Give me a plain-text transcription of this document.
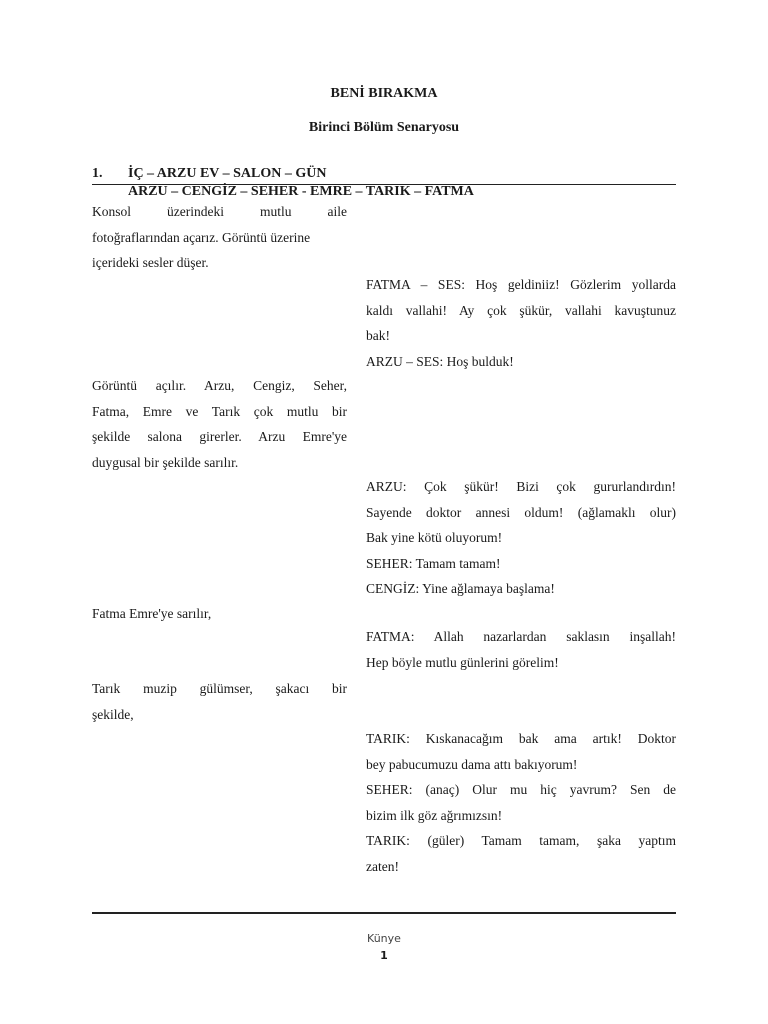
BENİ BIRAKMA
Birinci Bölüm Senaryosu
1. İÇ – ARZU EV – SALON – GÜN
ARZU – CENGİZ – SEHER - EMRE – TARIK – FATMA
Konsol üzerindeki mutlu aile
fotoğraflarından açarız. Görüntü üzerine
içerideki sesler düşer.
FATMA – SES: Hoş geldiniiz! Gözlerim yollarda
kaldı vallahi! Ay çok şükür, vallahi kavuştunuz
bak!
ARZU – SES: Hoş bulduk!
Görüntü açılır. Arzu, Cengiz, Seher,
Fatma, Emre ve Tarık çok mutlu bir
şekilde salona girerler. Arzu Emre'ye
duygusal bir şekilde sarılır.
ARZU: Çok şükür! Bizi çok gururlandırdın!
Sayende doktor annesi oldum! (ağlamaklı olur)
Bak yine kötü oluyorum!
SEHER: Tamam tamam!
CENGİZ: Yine ağlamaya başlama!
Fatma Emre'ye sarılır,
FATMA: Allah nazarlardan saklasın inşallah!
Hep böyle mutlu günlerini görelim!
Tarık muzip gülümser, şakacı bir
şekilde,
TARIK: Kıskanacağım bak ama artık! Doktor
bey pabucumuzu dama attı bakıyorum!
SEHER: (anaç) Olur mu hiç yavrum? Sen de
bizim ilk göz ağrımızsın!
TARIK: (güler) Tamam tamam, şaka yaptım
zaten!
Künye
1
